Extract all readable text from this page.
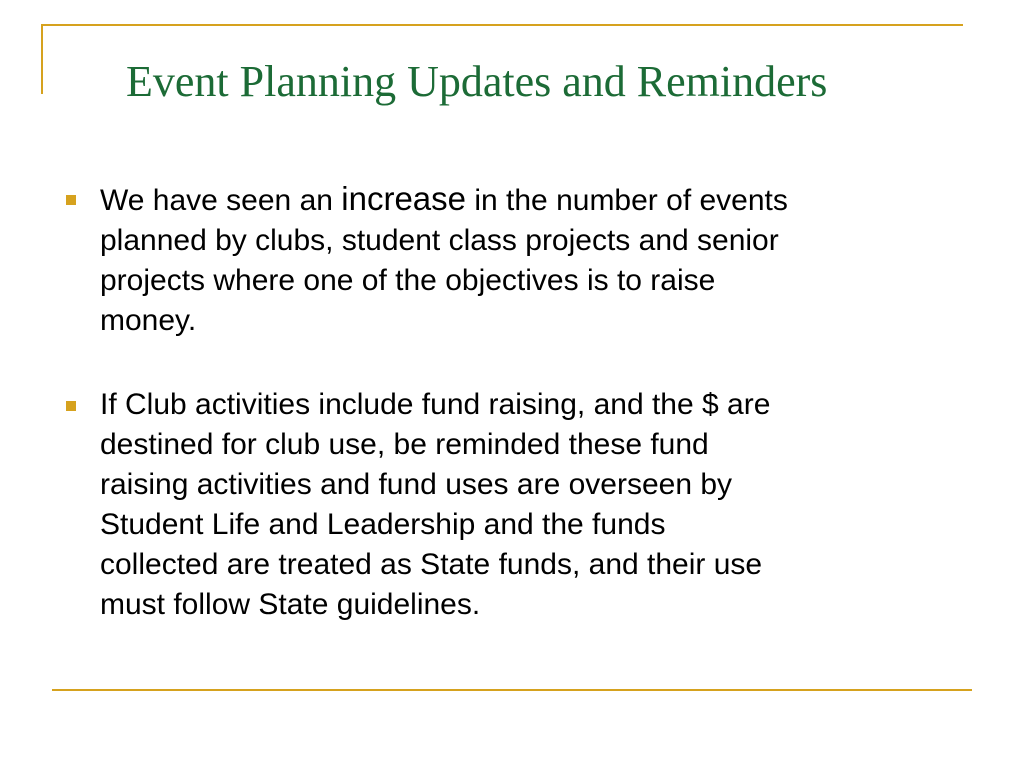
Event Planning Updates and Reminders
We have seen an increase in the number of events
planned by clubs, student class projects and senior
projects where one of the objectives is to raise
money.
If Club activities include fund raising, and the $ are
destined for club use, be reminded these fund
raising activities and fund uses are overseen by
Student Life and Leadership and the funds
collected are treated as State funds, and their use
must follow State guidelines.
